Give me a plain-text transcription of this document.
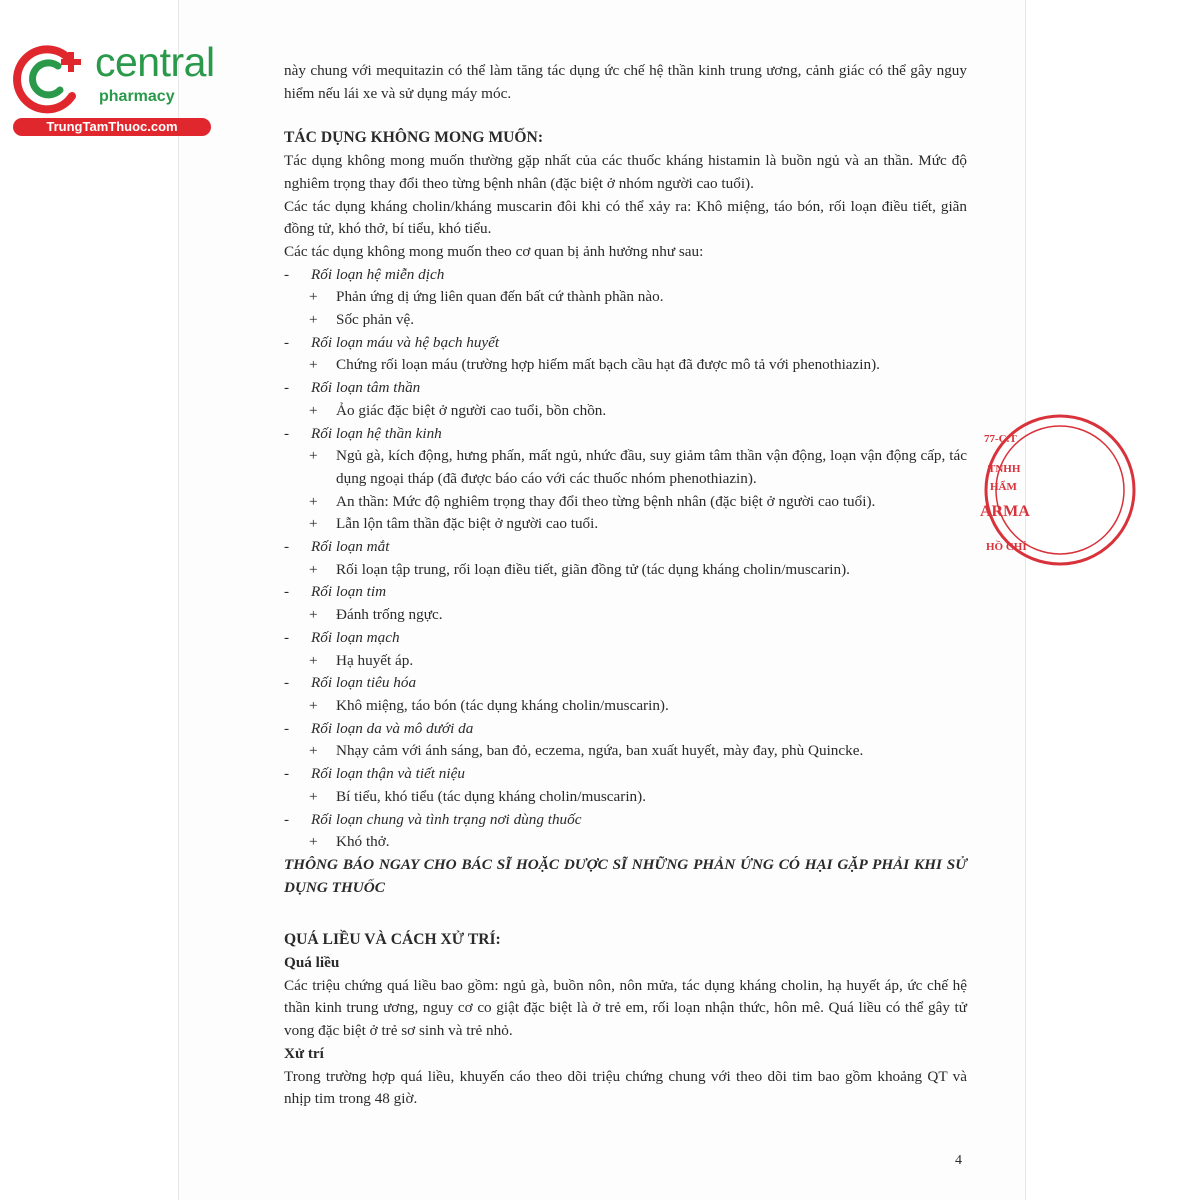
central
pharmacy
TrungTamThuoc.com

này chung với mequitazin có thể làm tăng tác dụng ức chế hệ thần kinh trung ương, cảnh giác có thể gây nguy hiểm nếu lái xe và sử dụng máy móc.

TÁC DỤNG KHÔNG MONG MUỐN:

Tác dụng không mong muốn thường gặp nhất của các thuốc kháng histamin là buồn ngủ và an thần. Mức độ nghiêm trọng thay đổi theo từng bệnh nhân (đặc biệt ở nhóm người cao tuổi).

Các tác dụng kháng cholin/kháng muscarin đôi khi có thể xảy ra: Khô miệng, táo bón, rối loạn điều tiết, giãn đồng tử, khó thở, bí tiểu, khó tiểu.

Các tác dụng không mong muốn theo cơ quan bị ảnh hưởng như sau:

- Rối loạn hệ miễn dịch
+ Phản ứng dị ứng liên quan đến bất cứ thành phần nào.
+ Sốc phản vệ.
- Rối loạn máu và hệ bạch huyết
+ Chứng rối loạn máu (trường hợp hiếm mất bạch cầu hạt đã được mô tả với phenothiazin).
- Rối loạn tâm thần
+ Ảo giác đặc biệt ở người cao tuổi, bồn chồn.
- Rối loạn hệ thần kinh
+ Ngủ gà, kích động, hưng phấn, mất ngủ, nhức đầu, suy giảm tâm thần vận động, loạn vận động cấp, tác dụng ngoại tháp (đã được báo cáo với các thuốc nhóm phenothiazin).
+ An thần: Mức độ nghiêm trọng thay đổi theo từng bệnh nhân (đặc biệt ở người cao tuổi).
+ Lẫn lộn tâm thần đặc biệt ở người cao tuổi.
- Rối loạn mắt
+ Rối loạn tập trung, rối loạn điều tiết, giãn đồng tử (tác dụng kháng cholin/muscarin).
- Rối loạn tim
+ Đánh trống ngực.
- Rối loạn mạch
+ Hạ huyết áp.
- Rối loạn tiêu hóa
+ Khô miệng, táo bón (tác dụng kháng cholin/muscarin).
- Rối loạn da và mô dưới da
+ Nhạy cảm với ánh sáng, ban đỏ, eczema, ngứa, ban xuất huyết, mày đay, phù Quincke.
- Rối loạn thận và tiết niệu
+ Bí tiểu, khó tiểu (tác dụng kháng cholin/muscarin).
- Rối loạn chung và tình trạng nơi dùng thuốc
+ Khó thở.

THÔNG BÁO NGAY CHO BÁC SĨ HOẶC DƯỢC SĨ NHỮNG PHẢN ỨNG CÓ HẠI GẶP PHẢI KHI SỬ DỤNG THUỐC

QUÁ LIỀU VÀ CÁCH XỬ TRÍ:

Quá liều

Các triệu chứng quá liều bao gồm: ngủ gà, buồn nôn, nôn mửa, tác dụng kháng cholin, hạ huyết áp, ức chế hệ thần kinh trung ương, nguy cơ co giật đặc biệt là ở trẻ em, rối loạn nhận thức, hôn mê. Quá liều có thể gây tử vong đặc biệt ở trẻ sơ sinh và trẻ nhỏ.

Xử trí

Trong trường hợp quá liều, khuyến cáo theo dõi triệu chứng chung với theo dõi tim bao gồm khoảng QT và nhịp tim trong 48 giờ.

77-C.T
TNHH
HẨM
ARMA
HỒ CHÍ
4
